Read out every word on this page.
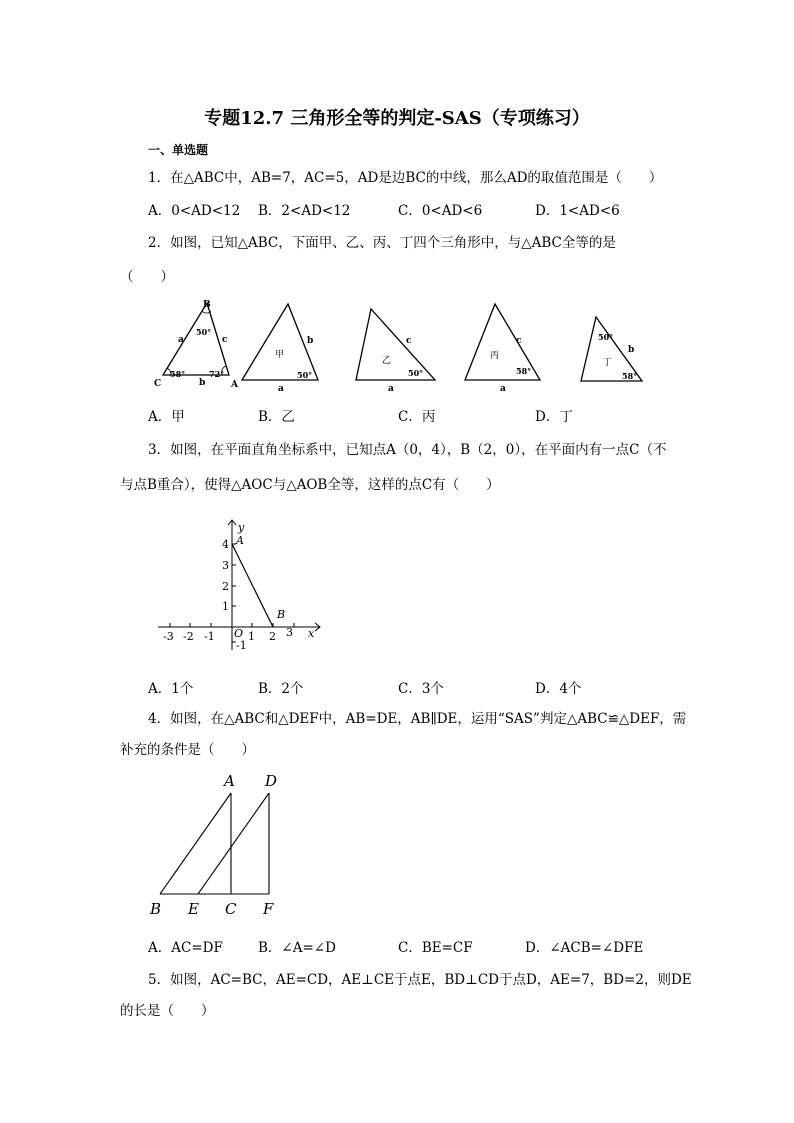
专题12.7 三角形全等的判定-SAS（专项练习）
一、单选题
1．在△ABC中，AB=7，AC=5，AD是边BC的中线，那么AD的取值范围是（　　）
A．0<AD<12 B．2<AD<12	C．0<AD<6	D．1<AD<6
2．如图，已知△ABC，下面甲、乙、丙、丁四个三角形中，与△ABC全等的是
（　　）
B
A
C
a	c
b
50°
58°	72°
甲
b
a
50°
乙
c
a
50°
丙
c
a
58°
丁
b
50°
58°
A．甲	B．乙	C．丙	D．丁
3．如图，在平面直角坐标系中，已知点A（0，4），B（2，0），在平面内有一点C（不
与点B重合），使得△AOC与△AOB全等，这样的点C有（　　）
y
x
A
B
O
4
3
2
1
-1
-3 -2 -1	1 2 3
A．1个	B．2个	C．3个	D．4个
4．如图，在△ABC和△DEF中，AB=DE，AB∥DE，运用“SAS”判定△ABC≌△DEF，需
补充的条件是（　　）
A D
B E C F
A．AC=DF	B．∠A=∠D	C．BE=CF	D．∠ACB=∠DFE
5．如图，AC=BC，AE=CD，AE⊥CE于点E，BD⊥CD于点D，AE=7，BD=2，则DE
的长是（　　）
